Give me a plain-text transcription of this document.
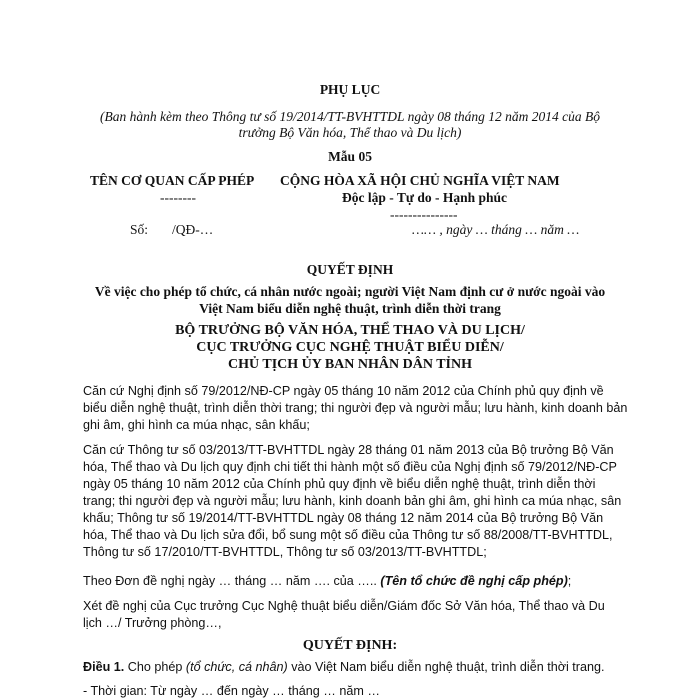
PHỤ LỤC
(Ban hành kèm theo Thông tư số 19/2014/TT-BVHTTDL ngày 08 tháng 12 năm 2014 của Bộ
trưởng Bộ Văn hóa, Thể thao và Du lịch)
Mẫu 05
TÊN CƠ QUAN CẤP PHÉP
--------
Số: /QĐ-…
CỘNG HÒA XÃ HỘI CHỦ NGHĨA VIỆT NAM
Độc lập - Tự do - Hạnh phúc
---------------
…… , ngày … tháng … năm …
QUYẾT ĐỊNH
Về việc cho phép tổ chức, cá nhân nước ngoài; người Việt Nam định cư ở nước ngoài vào
Việt Nam biểu diễn nghệ thuật, trình diễn thời trang
BỘ TRƯỞNG BỘ VĂN HÓA, THỂ THAO VÀ DU LỊCH/
CỤC TRƯỞNG CỤC NGHỆ THUẬT BIỂU DIỄN/
CHỦ TỊCH ỦY BAN NHÂN DÂN TỈNH
Căn cứ Nghị định số 79/2012/NĐ-CP ngày 05 tháng 10 năm 2012 của Chính phủ quy định về
biểu diễn nghệ thuật, trình diễn thời trang; thi người đẹp và người mẫu; lưu hành, kinh doanh bản
ghi âm, ghi hình ca múa nhạc, sân khấu;
Căn cứ Thông tư số 03/2013/TT-BVHTTDL ngày 28 tháng 01 năm 2013 của Bộ trưởng Bộ Văn
hóa, Thể thao và Du lịch quy định chi tiết thi hành một số điều của Nghị định số 79/2012/NĐ-CP
ngày 05 tháng 10 năm 2012 của Chính phủ quy định về biểu diễn nghệ thuật, trình diễn thời
trang; thi người đẹp và người mẫu; lưu hành, kinh doanh bản ghi âm, ghi hình ca múa nhạc, sân
khấu; Thông tư số 19/2014/TT-BVHTTDL ngày 08 tháng 12 năm 2014 của Bộ trưởng Bộ Văn
hóa, Thể thao và Du lịch sửa đổi, bổ sung một số điều của Thông tư số 88/2008/TT-BVHTTDL,
Thông tư số 17/2010/TT-BVHTTDL, Thông tư số 03/2013/TT-BVHTTDL;
Theo Đơn đề nghị ngày … tháng … năm …. của ….. (Tên tổ chức đề nghị cấp phép);
Xét đề nghị của Cục trưởng Cục Nghệ thuật biểu diễn/Giám đốc Sở Văn hóa, Thể thao và Du
lịch …/ Trưởng phòng…,
QUYẾT ĐỊNH:
Điều 1. Cho phép (tổ chức, cá nhân) vào Việt Nam biểu diễn nghệ thuật, trình diễn thời trang.
- Thời gian: Từ ngày … đến ngày … tháng … năm …
